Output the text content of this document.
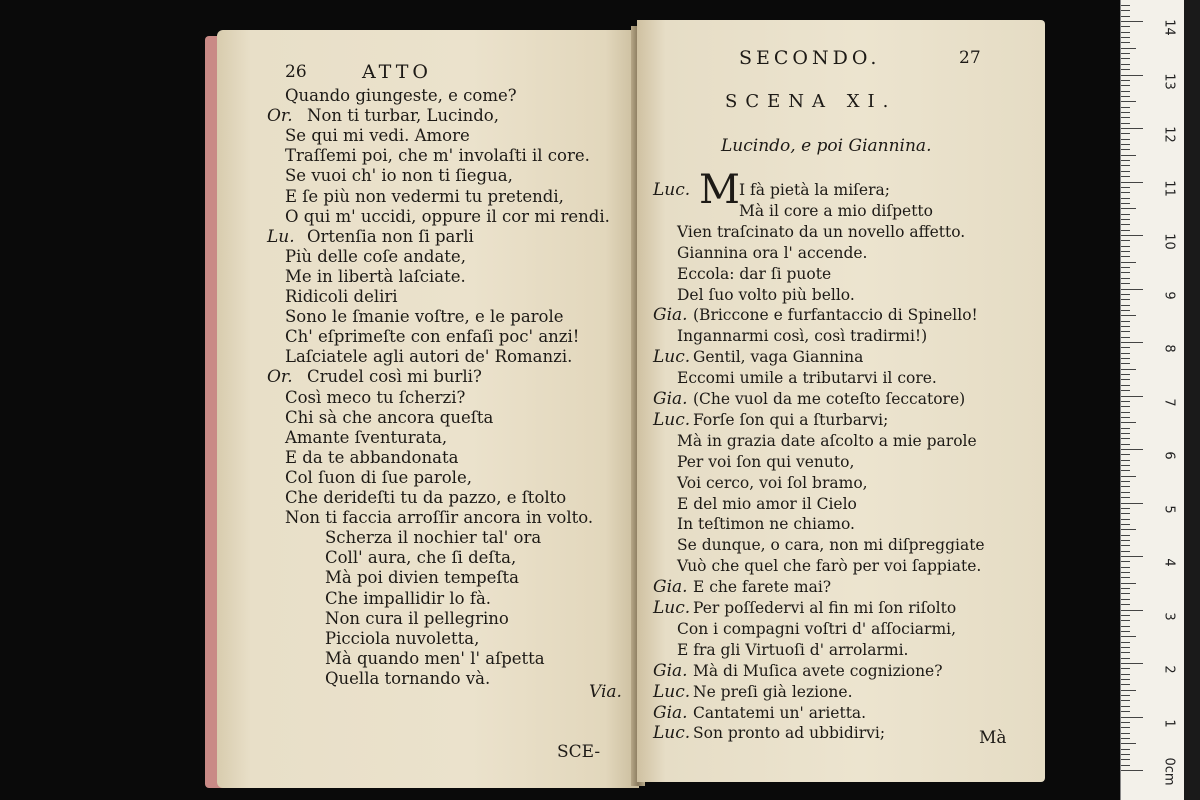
26	ATTO
Quando giungeste, e come?
Or. Non ti turbar, Lucindo,
Se qui mi vedi. Amore
Traſſemi poi, che m' involaſti il core.
Se vuoi ch' io non ti ſiegua,
E ſe più non vedermi tu pretendi,
O qui m' uccidi, oppure il cor mi rendi.
Lu. Ortenſia non ſi parli
Più delle coſe andate,
Me in libertà laſciate.
Ridicoli deliri
Sono le ſmanie voſtre, e le parole
Ch' eſprimeſte con enfaſi poc' anzi!
Laſciatele agli autori de' Romanzi.
Or. Crudel così mi burli?
Così meco tu ſcherzi?
Chi sà che ancora queſta
Amante ſventurata,
E da te abbandonata
Col ſuon di ſue parole,
Che derideſti tu da pazzo, e ſtolto
Non ti faccia arroſſir ancora in volto.
Scherza il nochier tal' ora
Coll' aura, che ſi deſta,
Mà poi divien tempeſta
Che impallidir lo fà.
Non cura il pellegrino
Picciola nuvoletta,
Mà quando men' l' aſpetta
Quella tornando và.
Via.
SCE-
SECONDO.	27
SCENA XI.
Lucindo, e poi Giannina.
M
Luc.	I fà pietà la miſera;
Mà il core a mio diſpetto
Vien traſcinato da un novello affetto.
Giannina ora l' accende.
Eccola: dar ſi puote
Del ſuo volto più bello.
Gia. (Briccone e furfantaccio di Spinello!
Ingannarmi così, così tradirmi!)
Luc. Gentil, vaga Giannina
Eccomi umile a tributarvi il core.
Gia. (Che vuol da me coteſto ſeccatore)
Luc. Forſe ſon qui a ſturbarvi;
Mà in grazia date aſcolto a mie parole
Per voi ſon qui venuto,
Voi cerco, voi ſol bramo,
E del mio amor il Cielo
In teſtimon ne chiamo.
Se dunque, o cara, non mi diſpreggiate
Vuò che quel che farò per voi ſappiate.
Gia. E che farete mai?
Luc. Per poſſedervi al fin mi ſon riſolto
Con i compagni voſtri d' aſſociarmi,
E fra gli Virtuoſi d' arrolarmi.
Gia. Mà di Muſica avete cognizione?
Luc. Ne preſi già lezione.
Gia. Cantatemi un' arietta.
Luc. Son pronto ad ubbidirvi;	Mà
0cm
14
13
12
11
10
9
8
7
6
5
4
3
2
1
